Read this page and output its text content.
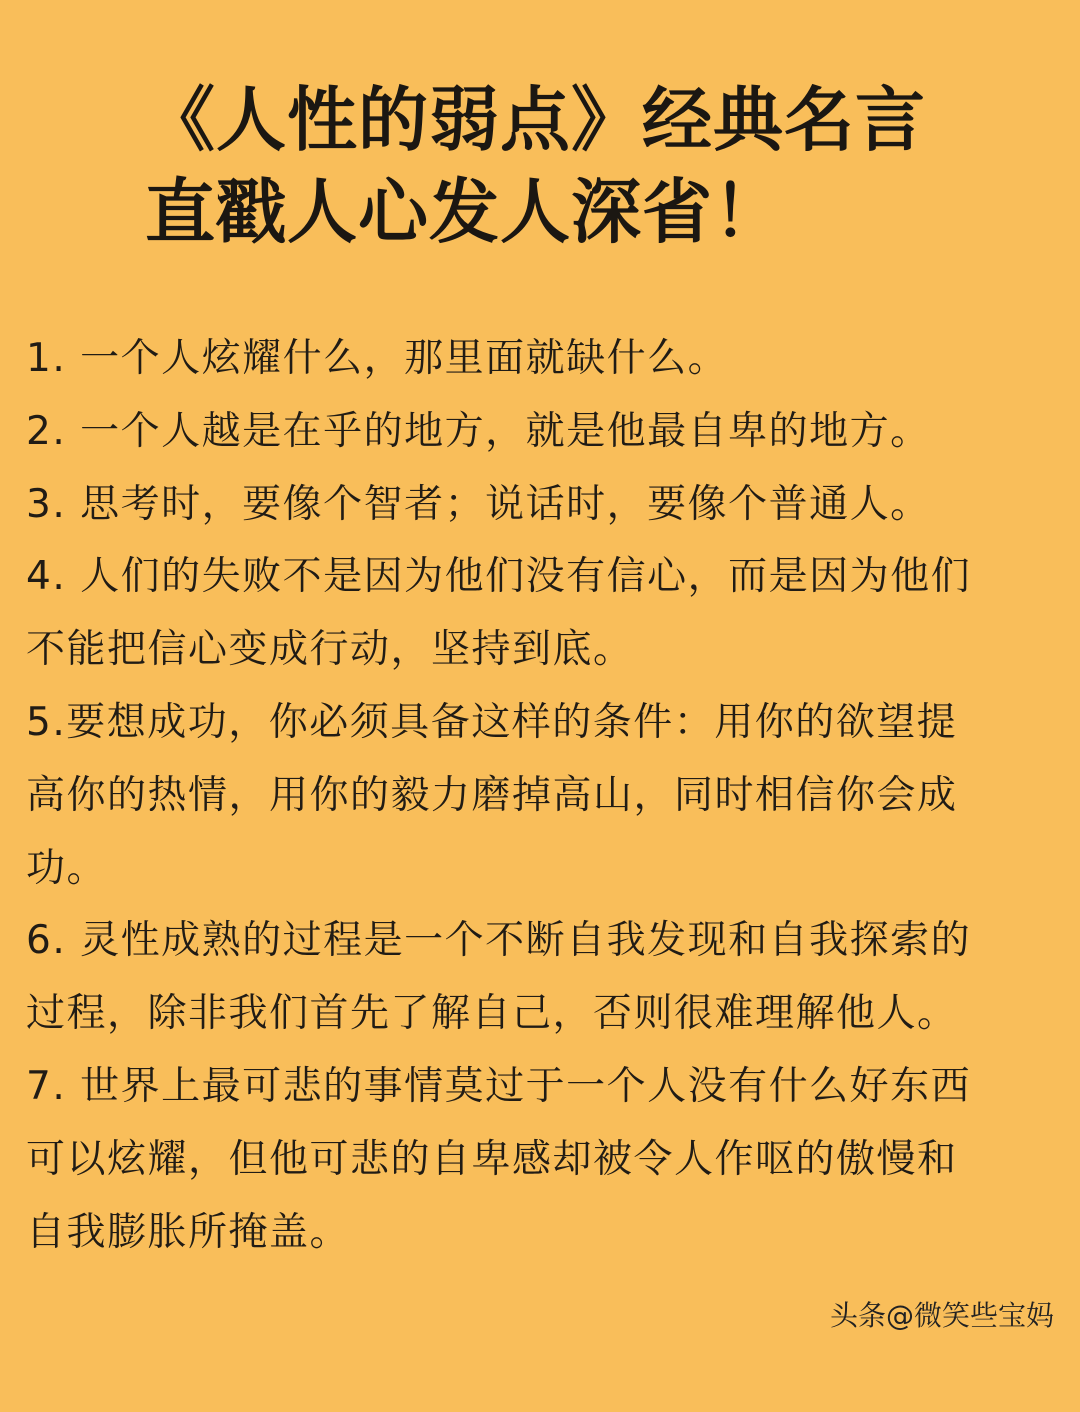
《人性的弱点》经典名言
直戳人心发人深省！
1. 一个人炫耀什么，那里面就缺什么。
2. 一个人越是在乎的地方，就是他最自卑的地方。
3. 思考时，要像个智者；说话时，要像个普通人。
4. 人们的失败不是因为他们没有信心，而是因为他们
不能把信心变成行动，坚持到底。
5.要想成功，你必须具备这样的条件：用你的欲望提
高你的热情，用你的毅力磨掉高山，同时相信你会成
功。
6. 灵性成熟的过程是一个不断自我发现和自我探索的
过程，除非我们首先了解自己，否则很难理解他人。
7. 世界上最可悲的事情莫过于一个人没有什么好东西
可以炫耀，但他可悲的自卑感却被令人作呕的傲慢和
自我膨胀所掩盖。
头条@微笑些宝妈
